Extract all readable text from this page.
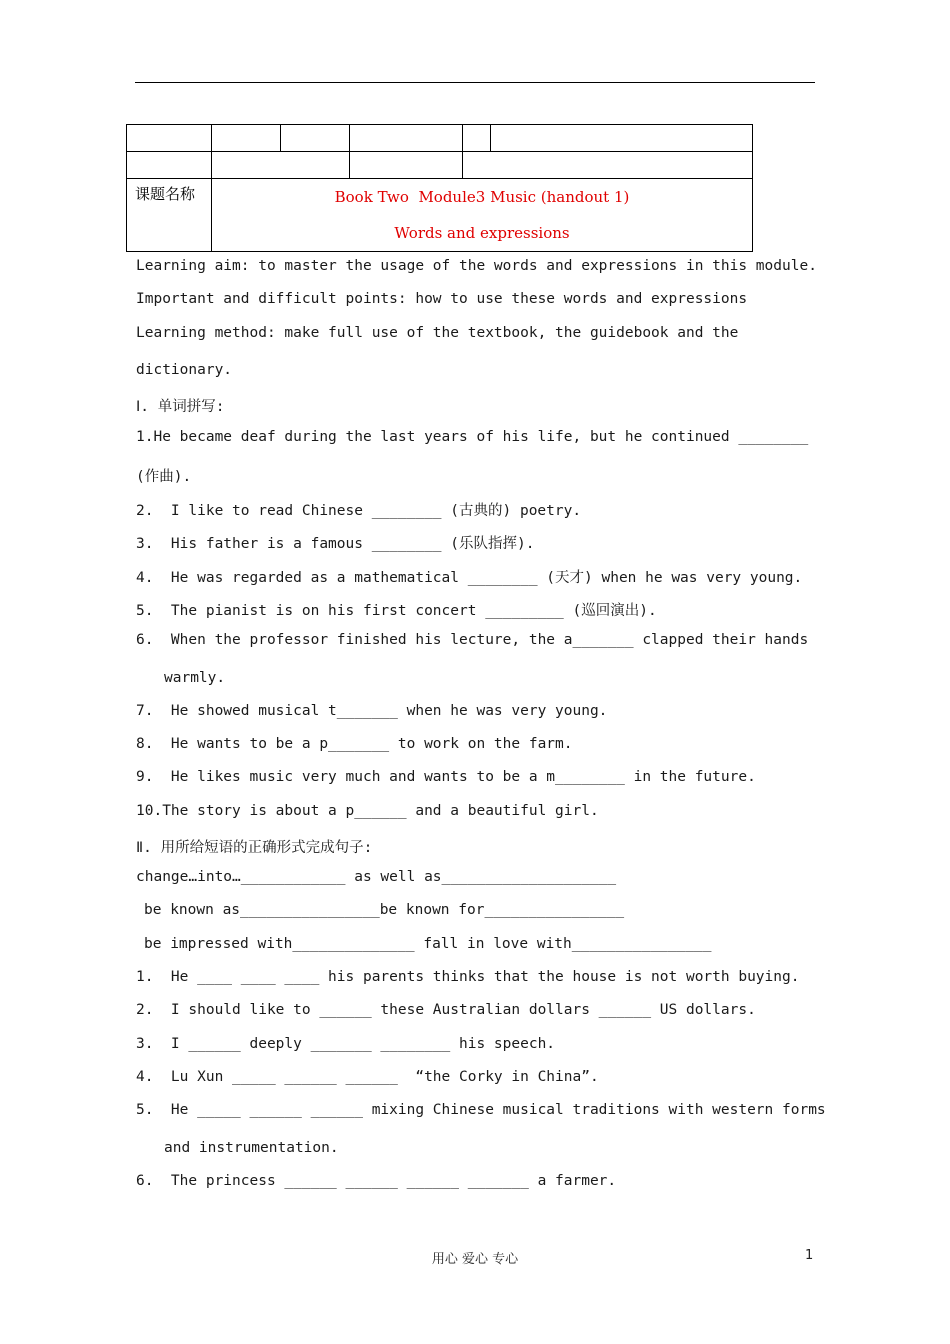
课题名称	Book Two  Module3 Music (handout 1)
Words and expressions				
Learning aim: to master the usage of the words and expressions in this module.
Important and difficult points: how to use these words and expressions
Learning method: make full use of the textbook, the guidebook and the
dictionary.
Ⅰ. 单词拼写:
1.He became deaf during the last years of his life, but he continued ________
(作曲).
2.  I like to read Chinese ________ (古典的) poetry.
3.  His father is a famous ________ (乐队指挥).
4.  He was regarded as a mathematical ________ (天才) when he was very young.
5.  The pianist is on his first concert _________ (巡回演出).
6.  When the professor finished his lecture, the a_______ clapped their hands
warmly.
7.  He showed musical t_______ when he was very young.
8.  He wants to be a p_______ to work on the farm.
9.  He likes music very much and wants to be a m________ in the future.
10.The story is about a p______ and a beautiful girl.
Ⅱ. 用所给短语的正确形式完成句子:
change…into…____________ as well as____________________
be known as________________be known for________________
be impressed with______________ fall in love with________________
1.  He ____ ____ ____ his parents thinks that the house is not worth buying.
2.  I should like to ______ these Australian dollars ______ US dollars.
3.  I ______ deeply _______ ________ his speech.
4.  Lu Xun _____ ______ ______  “the Corky in China”.
5.  He _____ ______ ______ mixing Chinese musical traditions with western forms
and instrumentation.
6.  The princess ______ ______ ______ _______ a farmer.
用心 爱心 专心	1
